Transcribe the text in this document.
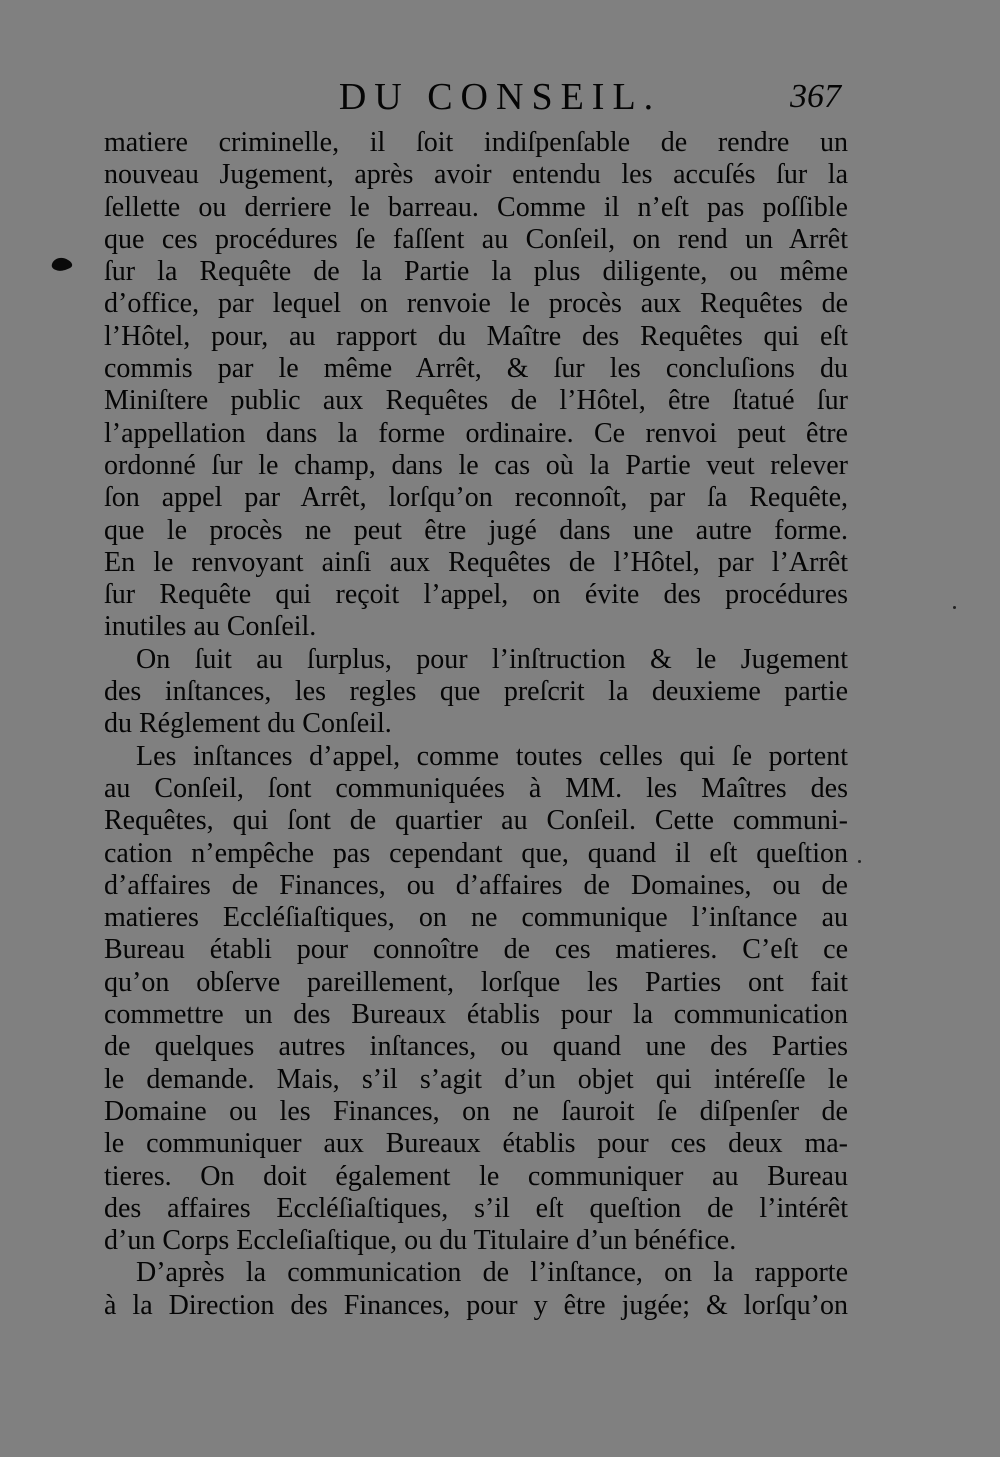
DU CONSEIL.	367
matiere criminelle, il ſoit indiſpenſable de rendre un
nouveau Jugement, après avoir entendu les accuſés ſur la
ſellette ou derriere le barreau. Comme il n’eſt pas poſſible
que ces procédures ſe faſſent au Conſeil, on rend un Arrêt
ſur la Requête de la Partie la plus diligente, ou même
d’office, par lequel on renvoie le procès aux Requêtes de
l’Hôtel, pour, au rapport du Maître des Requêtes qui eſt
commis par le même Arrêt, & ſur les concluſions du
Miniſtere public aux Requêtes de l’Hôtel, être ſtatué ſur
l’appellation dans la forme ordinaire. Ce renvoi peut être
ordonné ſur le champ, dans le cas où la Partie veut relever
ſon appel par Arrêt, lorſqu’on reconnoît, par ſa Requête,
que le procès ne peut être jugé dans une autre forme.
En le renvoyant ainſi aux Requêtes de l’Hôtel, par l’Arrêt
ſur Requête qui reçoit l’appel, on évite des procédures
inutiles au Conſeil.
On ſuit au ſurplus, pour l’inſtruction & le Jugement
des inſtances, les regles que preſcrit la deuxieme partie
du Réglement du Conſeil.
Les inſtances d’appel, comme toutes celles qui ſe portent
au Conſeil, ſont communiquées à MM. les Maîtres des
Requêtes, qui ſont de quartier au Conſeil. Cette communi-
cation n’empêche pas cependant que, quand il eſt queſtion
d’affaires de Finances, ou d’affaires de Domaines, ou de
matieres Eccléſiaſtiques, on ne communique l’inſtance au
Bureau établi pour connoître de ces matieres. C’eſt ce
qu’on obſerve pareillement, lorſque les Parties ont fait
commettre un des Bureaux établis pour la communication
de quelques autres inſtances, ou quand une des Parties
le demande. Mais, s’il s’agit d’un objet qui intéreſſe le
Domaine ou les Finances, on ne ſauroit ſe diſpenſer de
le communiquer aux Bureaux établis pour ces deux ma-
tieres. On doit également le communiquer au Bureau
des affaires Eccléſiaſtiques, s’il eſt queſtion de l’intérêt
d’un Corps Eccleſiaſtique, ou du Titulaire d’un bénéfice.
D’après la communication de l’inſtance, on la rapporte
à la Direction des Finances, pour y être jugée; & lorſqu’on
